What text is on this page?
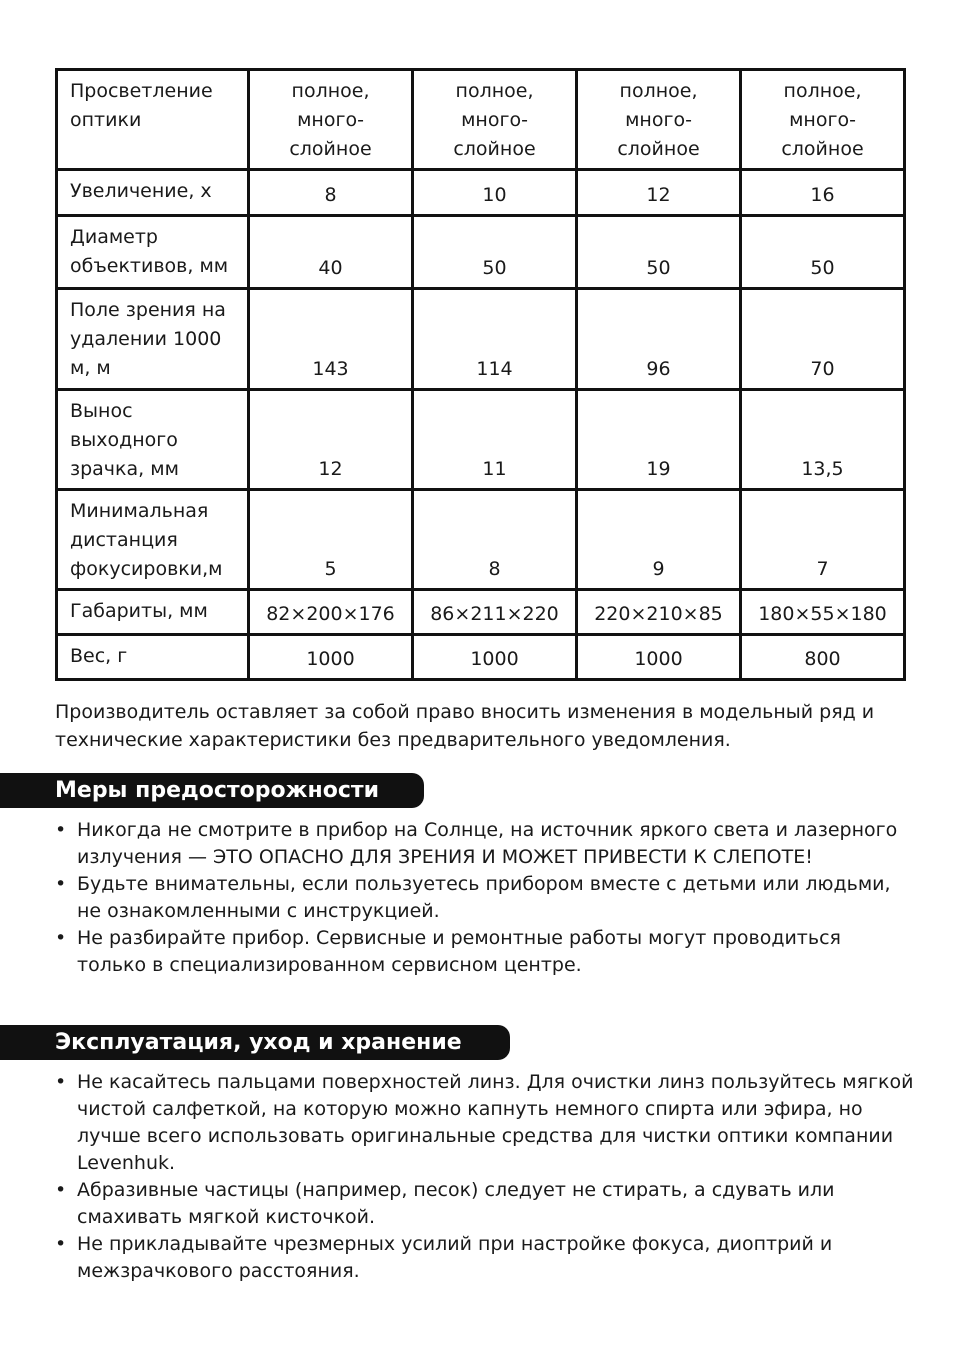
Просветление оптики	полное, много-слойное	полное, много-слойное	полное, много-слойное	полное, много-слойное
Увеличение, х	8	10	12	16
Диаметр объективов, мм	40	50	50	50
Поле зрения на удалении 1000 м, м	143	114	96	70
Вынос выходного зрачка, мм	12	11	19	13,5
Минимальная дистанция фокусировки,м	5	8	9	7
Габариты, мм	82×200×176	86×211×220	220×210×85	180×55×180
Вес, г	1000	1000	1000	800

Производитель оставляет за собой право вносить изменения в модельный ряд и технические характеристики без предварительного уведомления.

Меры предосторожности
• Никогда не смотрите в прибор на Солнце, на источник яркого света и лазерного излучения — ЭТО ОПАСНО ДЛЯ ЗРЕНИЯ И МОЖЕТ ПРИВЕСТИ К СЛЕПОТЕ!
• Будьте внимательны, если пользуетесь прибором вместе с детьми или людьми, не ознакомленными с инструкцией.
• Не разбирайте прибор. Сервисные и ремонтные работы могут проводиться только в специализированном сервисном центре.
Эксплуатация, уход и хранение
• Не касайтесь пальцами поверхностей линз. Для очистки линз пользуйтесь мягкой чистой салфеткой, на которую можно капнуть немного спирта или эфира, но лучше всего использовать оригинальные средства для чистки оптики компании Levenhuk.
• Абразивные частицы (например, песок) следует не стирать, а сдувать или смахивать мягкой кисточкой.
• Не прикладывайте чрезмерных усилий при настройке фокуса, диоптрий и межзрачкового расстояния.
